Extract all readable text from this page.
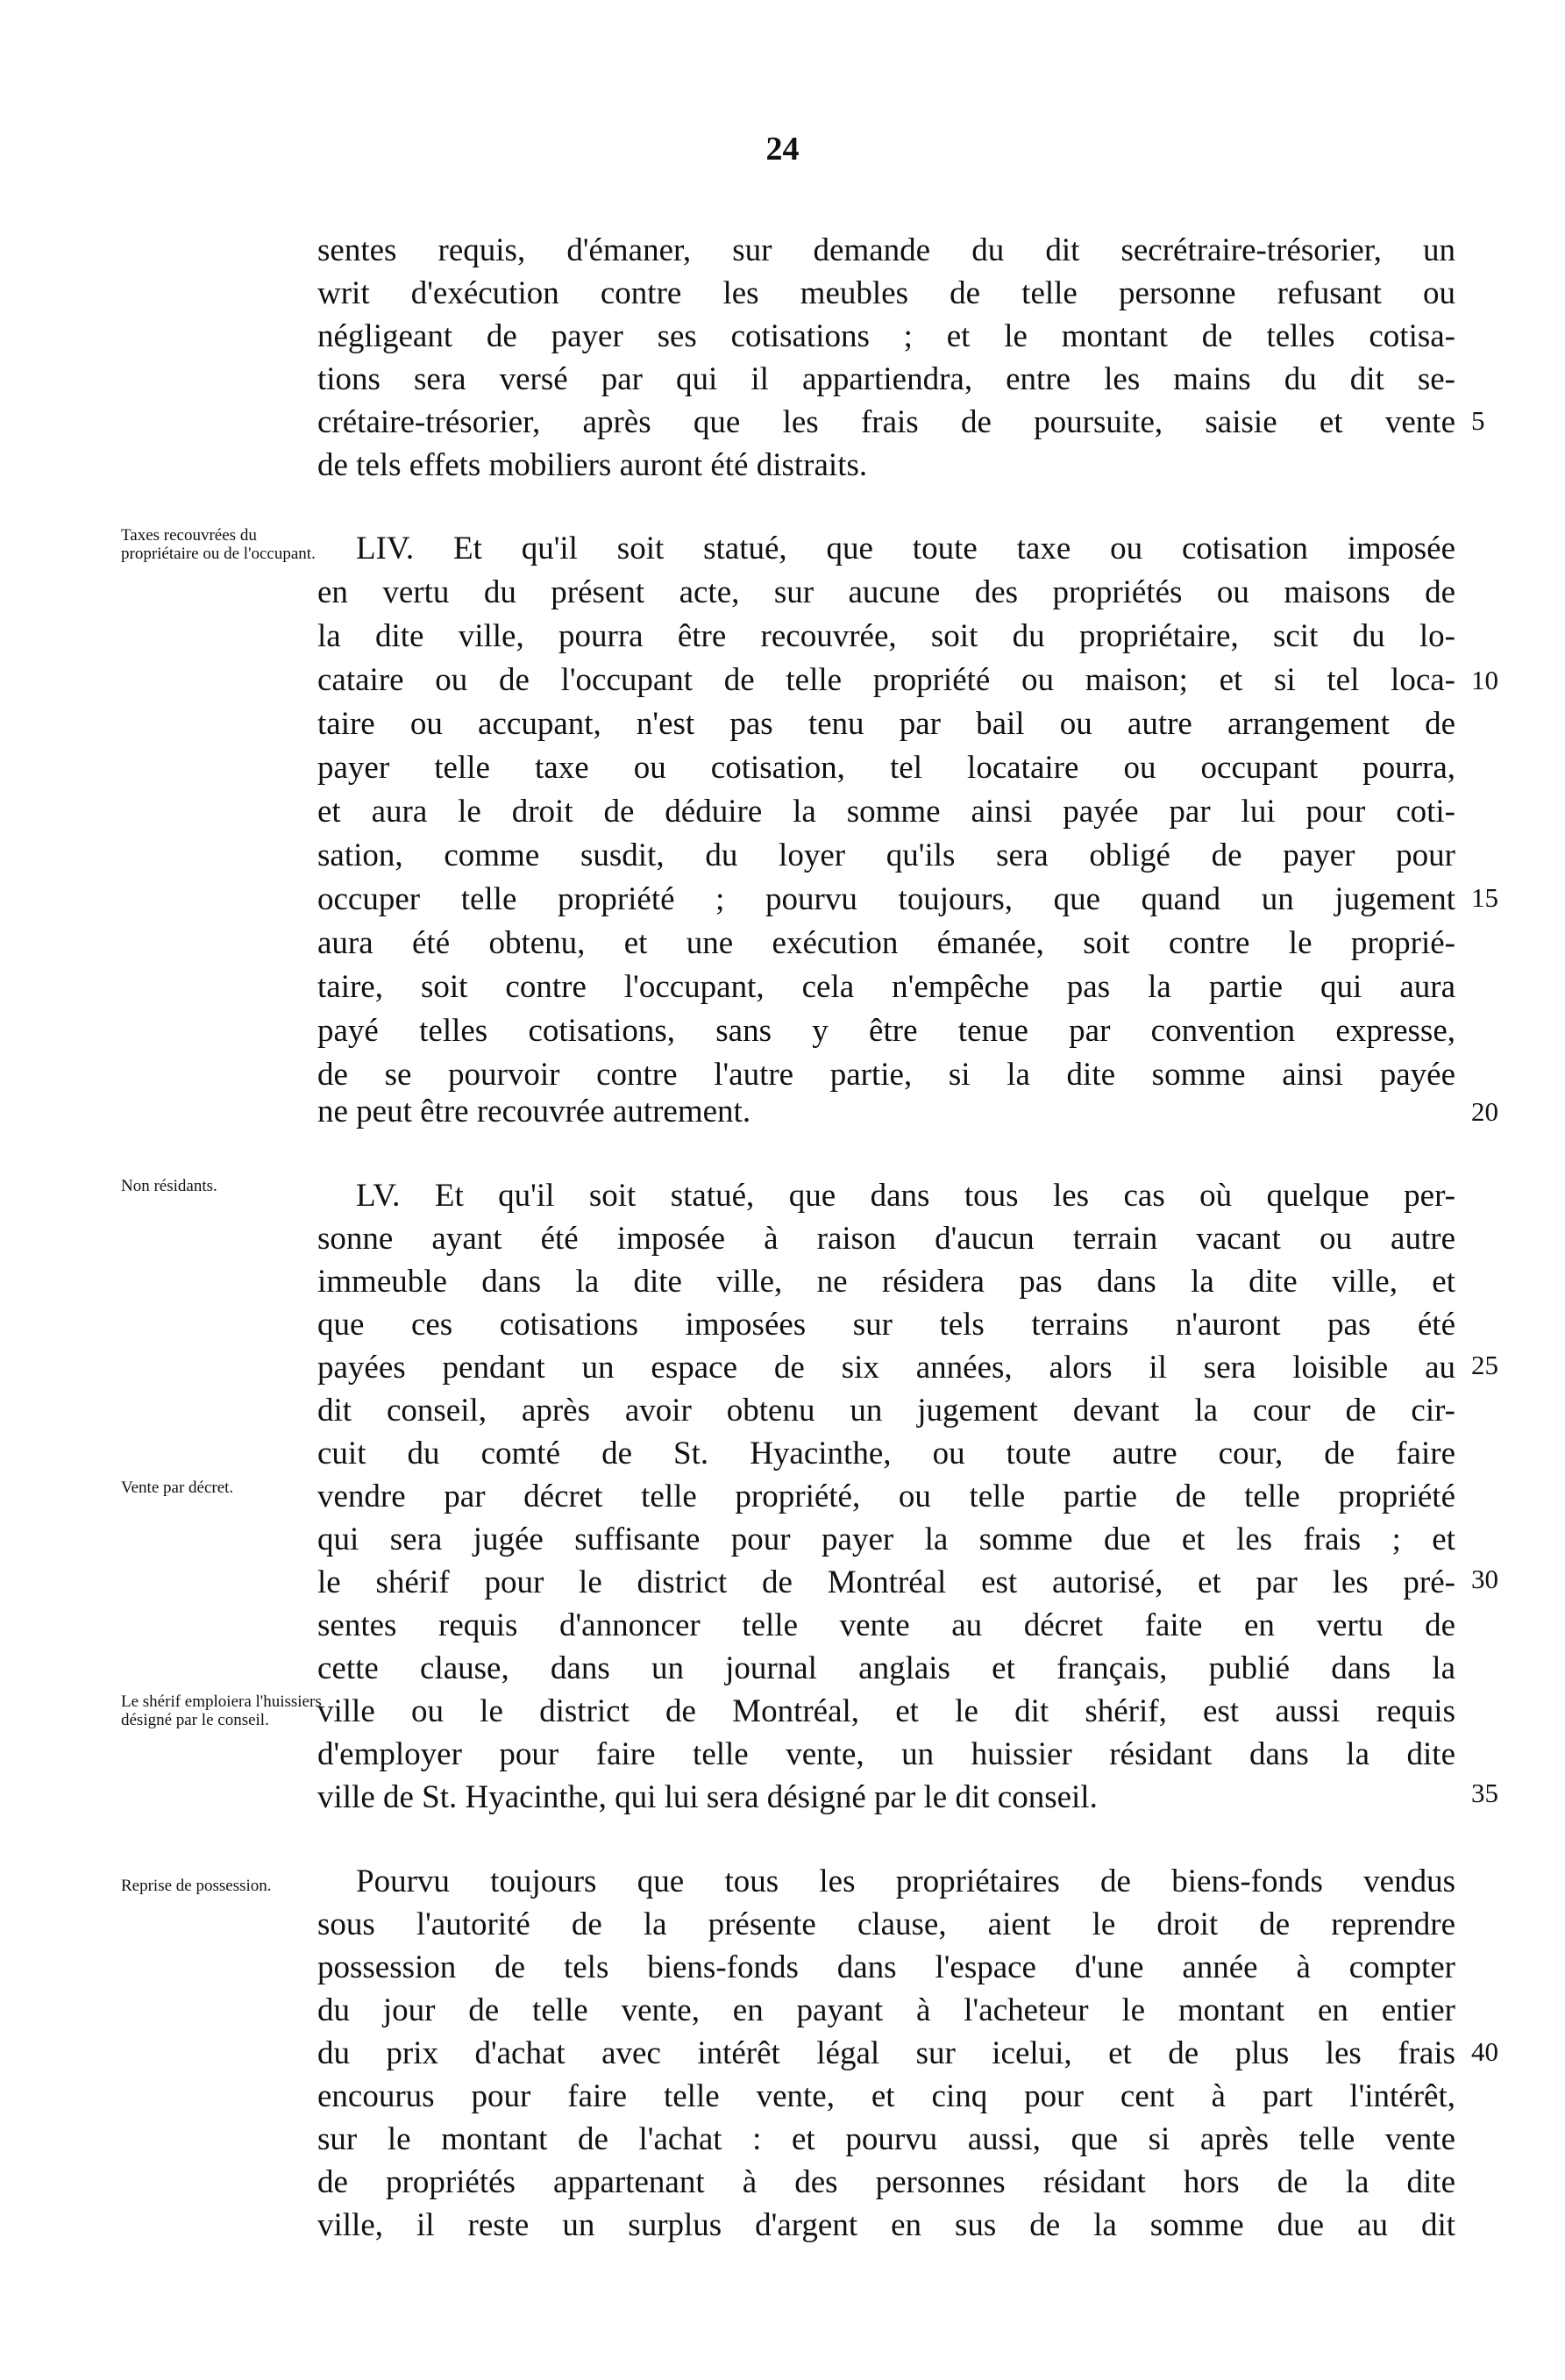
24
sentes requis, d'émaner, sur demande du dit secrétraire-trésorier, un
writ d'exécution contre les meubles de telle personne refusant ou
négligeant de payer ses cotisations ; et le montant de telles cotisa-
tions sera versé par qui il appartiendra, entre les mains du dit se-
crétaire-trésorier, après que les frais de poursuite, saisie et vente
de tels effets mobiliers auront été distraits.
LIV. Et qu'il soit statué, que toute taxe ou cotisation imposée
en vertu du présent acte, sur aucune des propriétés ou maisons de
la dite ville, pourra être recouvrée, soit du propriétaire, scit du lo-
cataire ou de l'occupant de telle propriété ou maison; et si tel loca-
taire ou accupant, n'est pas tenu par bail ou autre arrangement de
payer telle taxe ou cotisation, tel locataire ou occupant pourra,
et aura le droit de déduire la somme ainsi payée par lui pour coti-
sation, comme susdit, du loyer qu'ils sera obligé de payer pour
occuper telle propriété ; pourvu toujours, que quand un jugement
aura été obtenu, et une exécution émanée, soit contre le proprié-
taire, soit contre l'occupant, cela n'empêche pas la partie qui aura
payé telles cotisations, sans y être tenue par convention expresse,
de se pourvoir contre l'autre partie, si la dite somme ainsi payée
ne peut être recouvrée autrement.
LV. Et qu'il soit statué, que dans tous les cas où quelque per-
sonne ayant été imposée à raison d'aucun terrain vacant ou autre
immeuble dans la dite ville, ne résidera pas dans la dite ville, et
que ces cotisations imposées sur tels terrains n'auront pas été
payées pendant un espace de six années, alors il sera loisible au
dit conseil, après avoir obtenu un jugement devant la cour de cir-
cuit du comté de St. Hyacinthe, ou toute autre cour, de faire
vendre par décret telle propriété, ou telle partie de telle propriété
qui sera jugée suffisante pour payer la somme due et les frais ; et
le shérif pour le district de Montréal est autorisé, et par les pré-
sentes requis d'annoncer telle vente au décret faite en vertu de
cette clause, dans un journal anglais et français, publié dans la
ville ou le district de Montréal, et le dit shérif, est aussi requis
d'employer pour faire telle vente, un huissier résidant dans la dite
ville de St. Hyacinthe, qui lui sera désigné par le dit conseil.
Pourvu toujours que tous les propriétaires de biens-fonds vendus
sous l'autorité de la présente clause, aient le droit de reprendre
possession de tels biens-fonds dans l'espace d'une année à compter
du jour de telle vente, en payant à l'acheteur le montant en entier
du prix d'achat avec intérêt légal sur icelui, et de plus les frais
encourus pour faire telle vente, et cinq pour cent à part l'intérêt,
sur le montant de l'achat : et pourvu aussi, que si après telle vente
de propriétés appartenant à des personnes résidant hors de la dite
ville, il reste un surplus d'argent en sus de la somme due au dit
Taxes recouvrées du propriétaire ou de l'occupant.
Non résidants.
Vente par décret.
Le shérif emploiera l'huissiers désigné par le conseil.
Reprise de possession.
5
10
15
20
25
30
35
40
